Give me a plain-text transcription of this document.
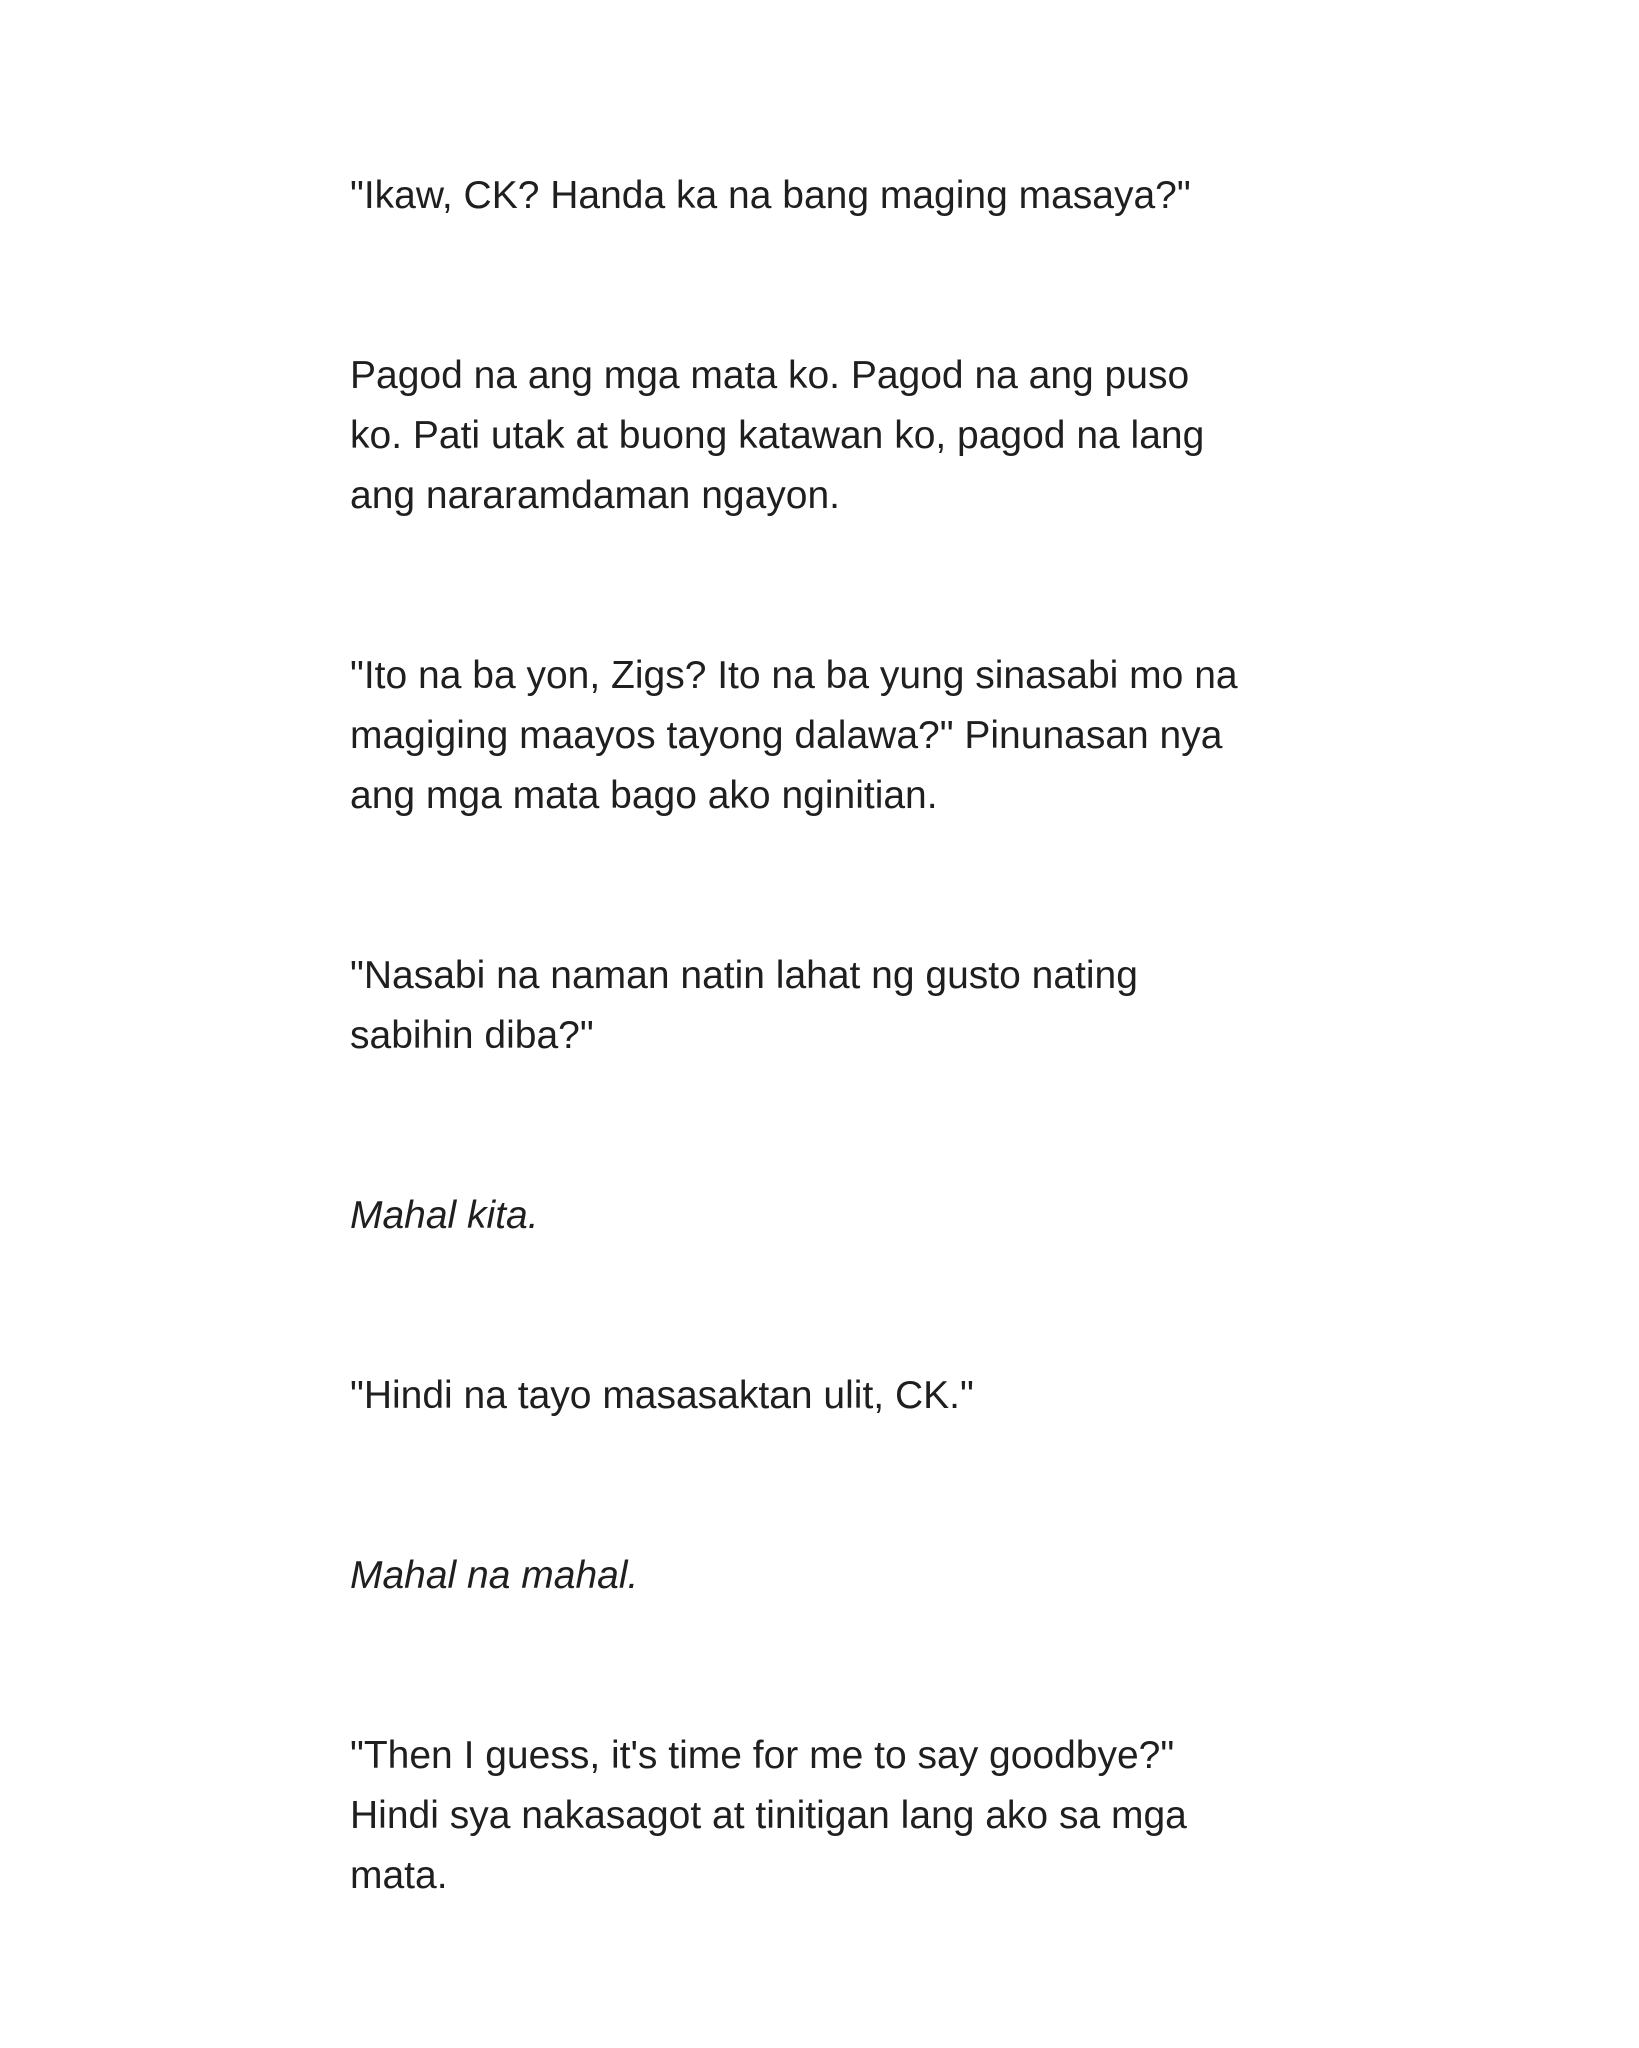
"Ikaw, CK? Handa ka na bang maging masaya?"

Pagod na ang mga mata ko. Pagod na ang puso
ko. Pati utak at buong katawan ko, pagod na lang
ang nararamdaman ngayon.

"Ito na ba yon, Zigs? Ito na ba yung sinasabi mo na
magiging maayos tayong dalawa?" Pinunasan nya
ang mga mata bago ako nginitian.

"Nasabi na naman natin lahat ng gusto nating
sabihin diba?"

Mahal kita.

"Hindi na tayo masasaktan ulit, CK."

Mahal na mahal.

"Then I guess, it's time for me to say goodbye?"
Hindi sya nakasagot at tinitigan lang ako sa mga
mata.
